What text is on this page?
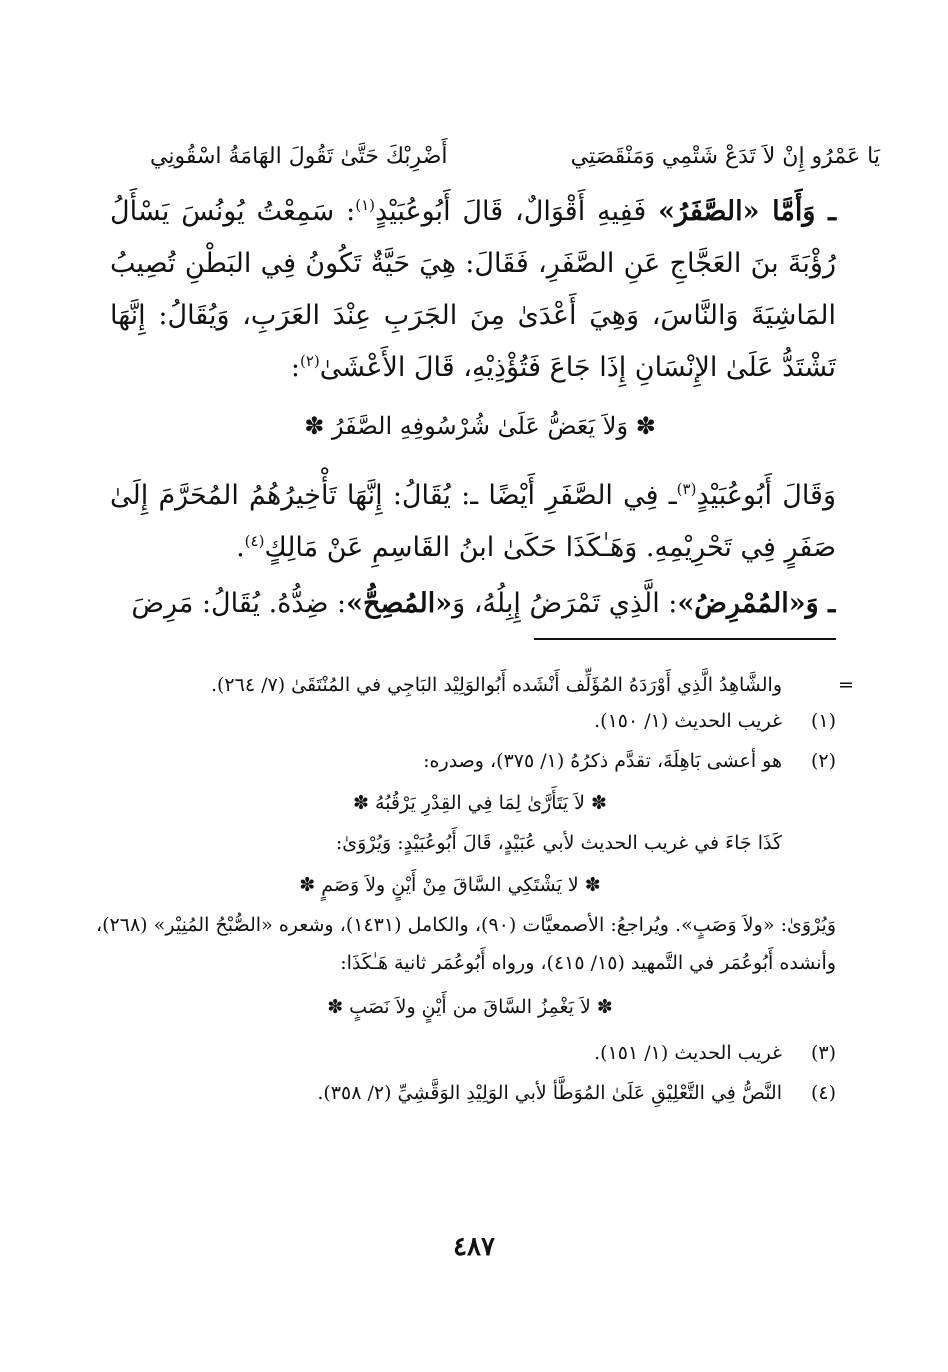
يَا عَمْرُو إِنْ لاَ تَدَعْ شَتْمِي وَمَنْقَصَتِي
أَضْرِبْكَ حَتَّىٰ تَقُولَ الهَامَةُ اسْقُونِي
ـ وَأَمَّا «الصَّفَرُ» فَفِيهِ أَقْوَالٌ، قَالَ أَبُوعُبَيْدٍ$^{(١)}$: سَمِعْتُ يُونُسَ يَسْأَلُ رُؤْبَةَ بنَ العَجَّاجِ عَنِ الصَّفَرِ، فَقَالَ: هِيَ حَيَّةٌ تَكُونُ فِي البَطْنِ تُصِيبُ المَاشِيَةَ وَالنَّاسَ، وَهِيَ أَعْدَىٰ مِنَ الجَرَبِ عِنْدَ العَرَبِ، وَيُقَالُ: إِنَّهَا تَشْتَدُّ عَلَىٰ الإِنْسَانِ إِذَا جَاعَ فَتُؤْذِيْهِ، قَالَ الأَعْشَىٰ$^{(٢)}$:
✽ وَلاَ يَعَضُّ عَلَىٰ شُرْسُوفِهِ الصَّفَرُ ✽
وَقَالَ أَبُوعُبَيْدٍ$^{(٣)}$ـ فِي الصَّفَرِ أَيْضًا ـ: يُقَالُ: إِنَّهَا تَأْخِيرُهُمُ المُحَرَّمَ إِلَىٰ صَفَرٍ فِي تَحْرِيْمِهِ. وَهَـٰكَذَا حَكَىٰ ابنُ القَاسِمِ عَنْ مَالِكٍ$^{(٤)}$.
ـ وَ«المُمْرِضُ»: الَّذِي تَمْرَضُ إِبِلُهُ، وَ«المُصِحُّ»: ضِدُّهُ. يُقَالُ: مَرِضَ
=
والشَّاهِدُ الَّذِي أَوْرَدَهُ المُؤَلِّف أَنْشَده أَبُوالوَلِيْد البَاجِي في المُنْتَقَىٰ (٧/ ٢٦٤).
(١)غريب الحديث (١/ ١٥٠).
(٢)هو أعشى بَاهِلَةَ، تقدَّم ذكرُهُ (١/ ٣٧٥)، وصدره:
✽ لاَ يَتَأَرَّىٰ لِمَا فِي القِدْرِ يَرْقُبُهُ ✽
كَذَا جَاءَ في غريب الحديث لأبي عُبَيْدٍ، قَالَ أَبُوعُبَيْدٍ: وَيُرْوَىٰ:
✽ لا يَشْتَكِي السَّاقَ مِنْ أَيْنٍ ولاَ وَصَمٍ ✽
وَيُرْوَىٰ: «ولاَ وَصَبٍ». ويُراجعُ: الأصمعيَّات (٩٠)، والكامل (١٤٣١)، وشعره «الصُّبْحُ المُنِيْر» (٢٦٨)، وأنشده أَبُوعُمَر في التَّمهيد (١٥/ ٤١٥)، ورواه أَبُوعُمَر ثانية هَـٰكَذَا:
✽ لاَ يَغْمِزُ السَّاقَ من أَيْنٍ ولاَ نَصَبٍ ✽
(٣)غريب الحديث (١/ ١٥١).
(٤)النَّصُّ فِي التَّعْلِيْقِ عَلَىٰ المُوَطَّأ لأبي الوَلِيْدِ الوَقَّشِيِّ (٢/ ٣٥٨).
٤٨٧
